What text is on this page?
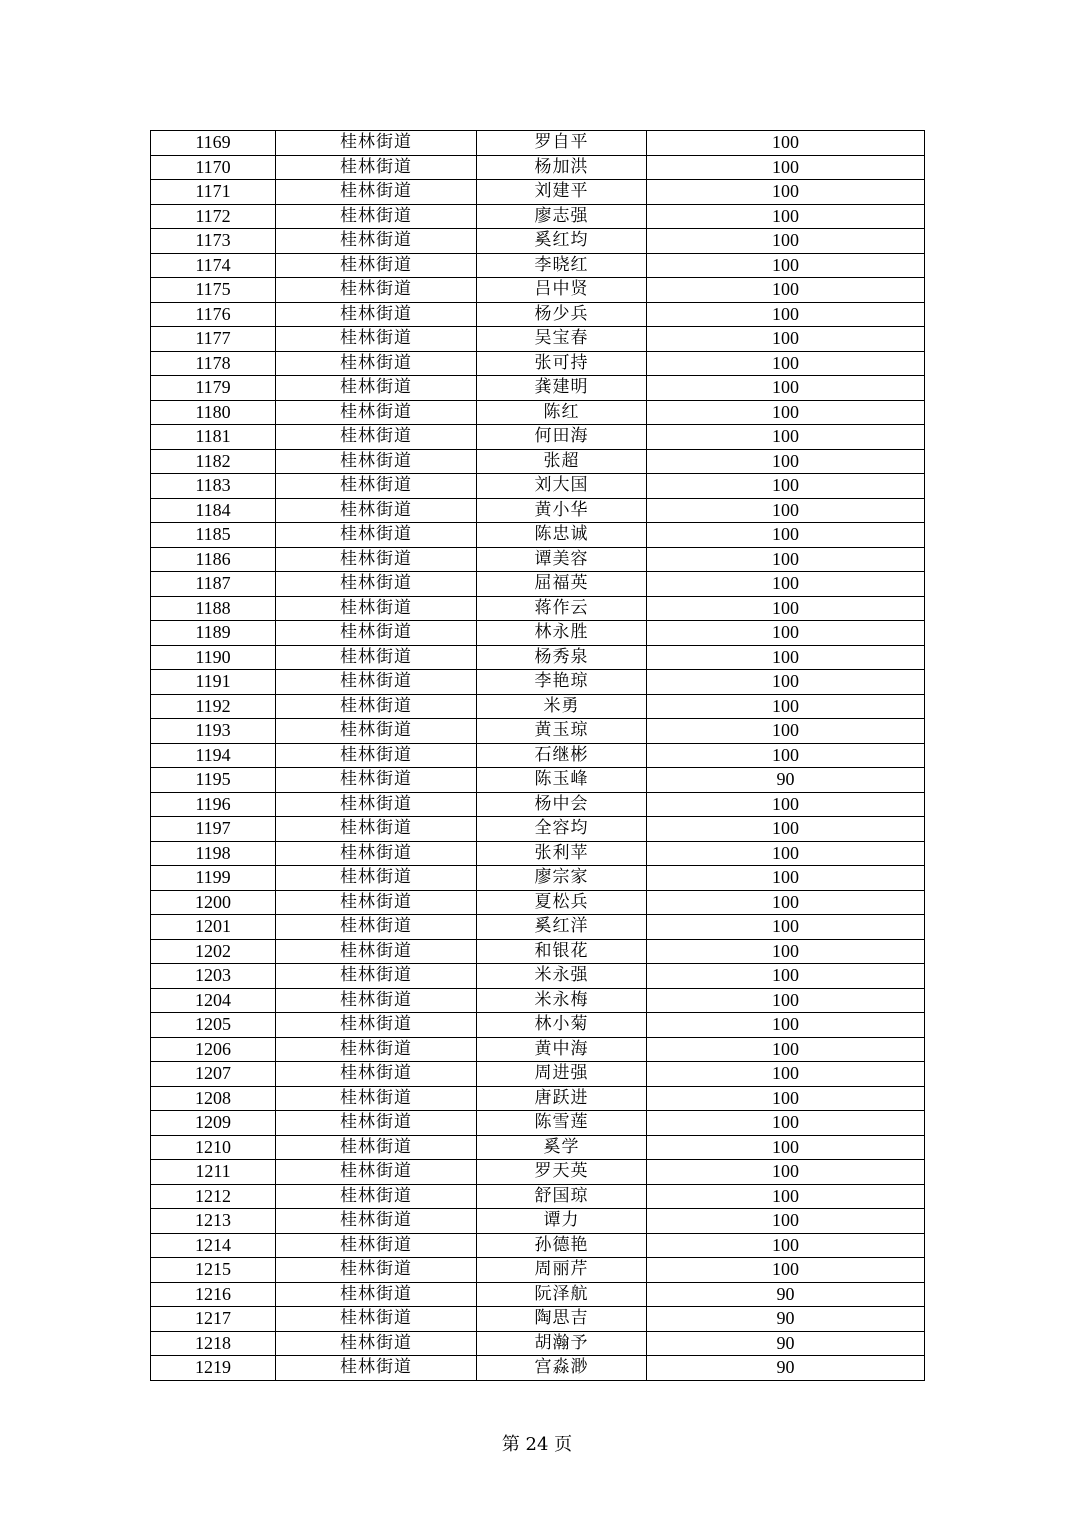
1169	桂林街道	罗自平	100
1170	桂林街道	杨加洪	100
1171	桂林街道	刘建平	100
1172	桂林街道	廖志强	100
1173	桂林街道	奚红均	100
1174	桂林街道	李晓红	100
1175	桂林街道	吕中贤	100
1176	桂林街道	杨少兵	100
1177	桂林街道	吴宝春	100
1178	桂林街道	张可持	100
1179	桂林街道	龚建明	100
1180	桂林街道	陈红	100
1181	桂林街道	何田海	100
1182	桂林街道	张超	100
1183	桂林街道	刘大国	100
1184	桂林街道	黄小华	100
1185	桂林街道	陈忠诚	100
1186	桂林街道	谭美容	100
1187	桂林街道	屈福英	100
1188	桂林街道	蒋作云	100
1189	桂林街道	林永胜	100
1190	桂林街道	杨秀泉	100
1191	桂林街道	李艳琼	100
1192	桂林街道	米勇	100
1193	桂林街道	黄玉琼	100
1194	桂林街道	石继彬	100
1195	桂林街道	陈玉峰	90
1196	桂林街道	杨中会	100
1197	桂林街道	全容均	100
1198	桂林街道	张利苹	100
1199	桂林街道	廖宗家	100
1200	桂林街道	夏松兵	100
1201	桂林街道	奚红洋	100
1202	桂林街道	和银花	100
1203	桂林街道	米永强	100
1204	桂林街道	米永梅	100
1205	桂林街道	林小菊	100
1206	桂林街道	黄中海	100
1207	桂林街道	周进强	100
1208	桂林街道	唐跃进	100
1209	桂林街道	陈雪莲	100
1210	桂林街道	奚学	100
1211	桂林街道	罗天英	100
1212	桂林街道	舒国琼	100
1213	桂林街道	谭力	100
1214	桂林街道	孙德艳	100
1215	桂林街道	周丽芹	100
1216	桂林街道	阮泽航	90
1217	桂林街道	陶思吉	90
1218	桂林街道	胡瀚予	90
1219	桂林街道	宫淼渺	90
第 24 页
